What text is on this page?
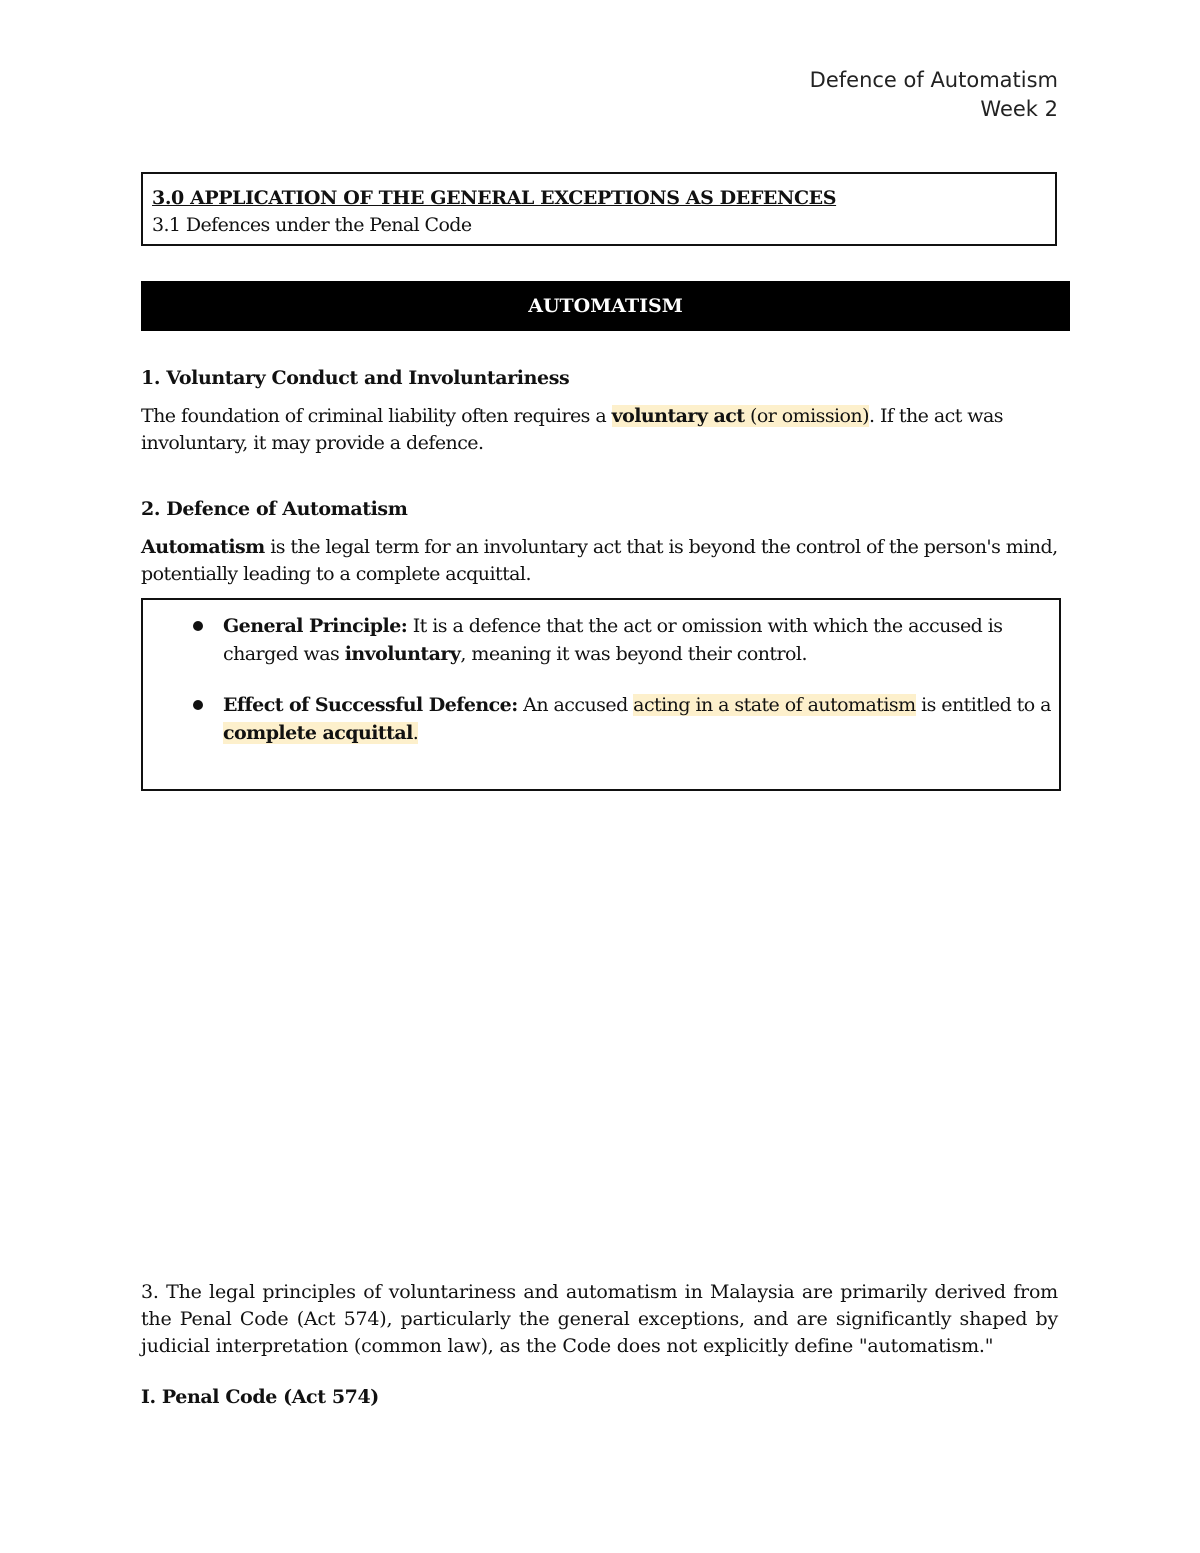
Defence of Automatism
Week 2
3.0 APPLICATION OF THE GENERAL EXCEPTIONS AS DEFENCES
3.1 Defences under the Penal Code
AUTOMATISM
1. Voluntary Conduct and Involuntariness
The foundation of criminal liability often requires a voluntary act (or omission). If the act was involuntary, it may provide a defence.
2. Defence of Automatism
Automatism is the legal term for an involuntary act that is beyond the control of the person's mind, potentially leading to a complete acquittal.
General Principle: It is a defence that the act or omission with which the accused is charged was involuntary, meaning it was beyond their control.
Effect of Successful Defence: An accused acting in a state of automatism is entitled to a complete acquittal.
3. The legal principles of voluntariness and automatism in Malaysia are primarily derived from the Penal Code (Act 574), particularly the general exceptions, and are significantly shaped by judicial interpretation (common law), as the Code does not explicitly define "automatism."
I. Penal Code (Act 574)
